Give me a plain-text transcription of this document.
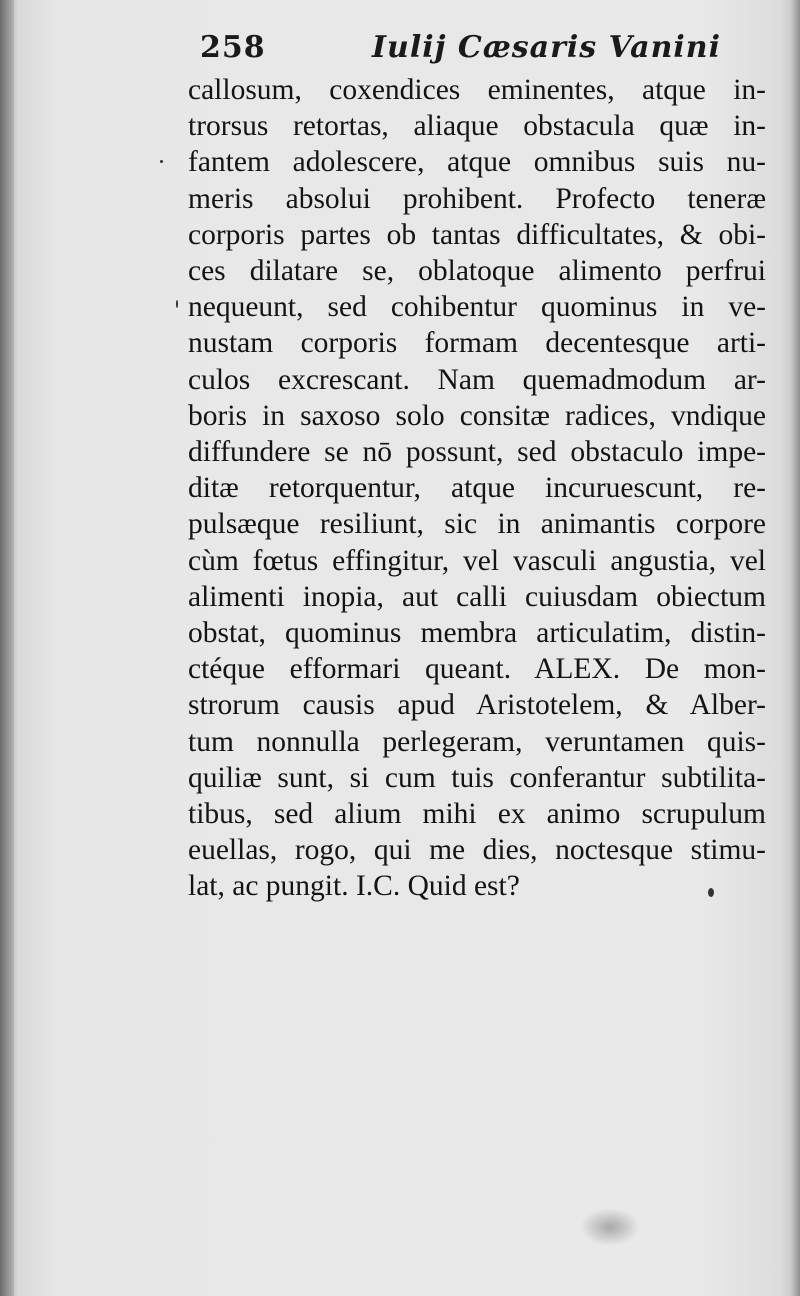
258	Iulij Cæsaris Vanini
callosum, coxendices eminentes, atque in-
trorsus retortas, aliaque obstacula quæ in-
fantem adolescere, atque omnibus suis nu-
meris absolui prohibent. Profecto teneræ
corporis partes ob tantas difficultates, & obi-
ces dilatare se, oblatoque alimento perfrui
nequeunt, sed cohibentur quominus in ve-
nustam corporis formam decentesque arti-
culos excrescant. Nam quemadmodum ar-
boris in saxoso solo consitæ radices, vndique
diffundere se nō possunt, sed obstaculo impe-
ditæ retorquentur, atque incuruescunt, re-
pulsæque resiliunt, sic in animantis corpore
cùm fœtus effingitur, vel vasculi angustia, vel
alimenti inopia, aut calli cuiusdam obiectum
obstat, quominus membra articulatim, distin-
ctéque efformari queant. ALEX. De mon-
strorum causis apud Aristotelem, & Alber-
tum nonnulla perlegeram, veruntamen quis-
quiliæ sunt, si cum tuis conferantur subtilita-
tibus, sed alium mihi ex animo scrupulum
euellas, rogo, qui me dies, noctesque stimu-
lat, ac pungit. I.C. Quid est?
